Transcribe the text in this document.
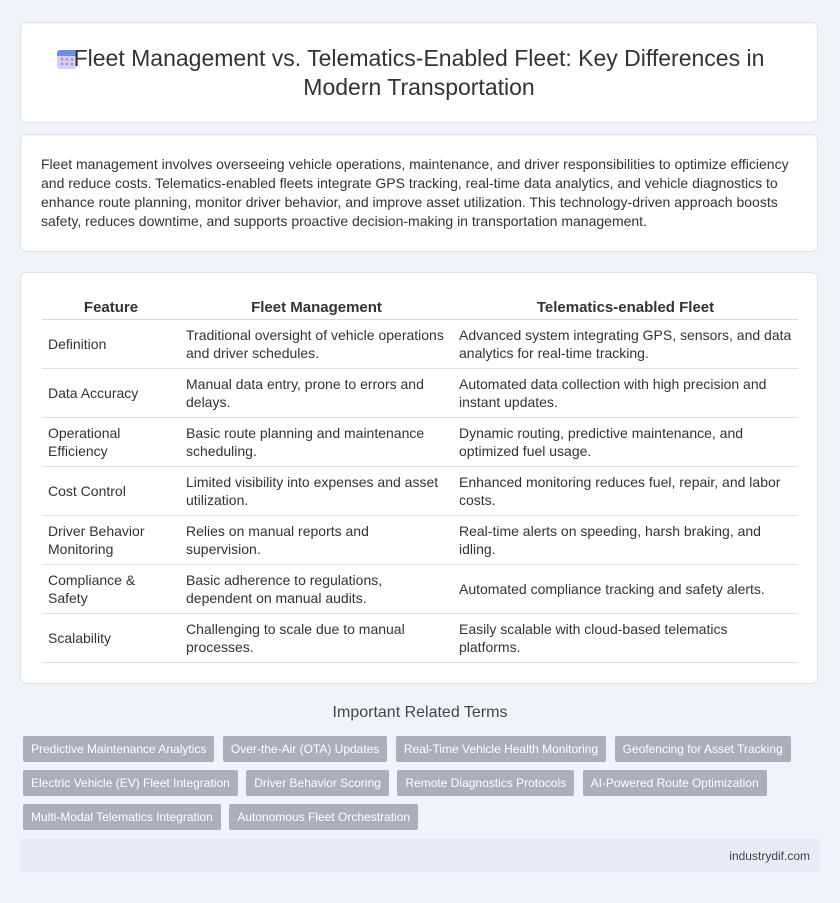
Fleet Management vs. Telematics-Enabled Fleet: Key Differences in Modern Transportation

Fleet management involves overseeing vehicle operations, maintenance, and driver responsibilities to optimize efficiency and reduce costs. Telematics-enabled fleets integrate GPS tracking, real-time data analytics, and vehicle diagnostics to enhance route planning, monitor driver behavior, and improve asset utilization. This technology-driven approach boosts safety, reduces downtime, and supports proactive decision-making in transportation management.

Feature	Fleet Management	Telematics-enabled Fleet
Definition	Traditional oversight of vehicle operations and driver schedules.	Advanced system integrating GPS, sensors, and data analytics for real-time tracking.
Data Accuracy	Manual data entry, prone to errors and delays.	Automated data collection with high precision and instant updates.
Operational Efficiency	Basic route planning and maintenance scheduling.	Dynamic routing, predictive maintenance, and optimized fuel usage.
Cost Control	Limited visibility into expenses and asset utilization.	Enhanced monitoring reduces fuel, repair, and labor costs.
Driver Behavior Monitoring	Relies on manual reports and supervision.	Real-time alerts on speeding, harsh braking, and idling.
Compliance & Safety	Basic adherence to regulations, dependent on manual audits.	Automated compliance tracking and safety alerts.
Scalability	Challenging to scale due to manual processes.	Easily scalable with cloud-based telematics platforms.
Important Related Terms
Predictive Maintenance Analytics Over-the-Air (OTA) Updates Real-Time Vehicle Health Monitoring Geofencing for Asset Tracking
Electric Vehicle (EV) Fleet Integration Driver Behavior Scoring Remote Diagnostics Protocols AI-Powered Route Optimization
Multi-Modal Telematics Integration Autonomous Fleet Orchestration
industrydif.com
